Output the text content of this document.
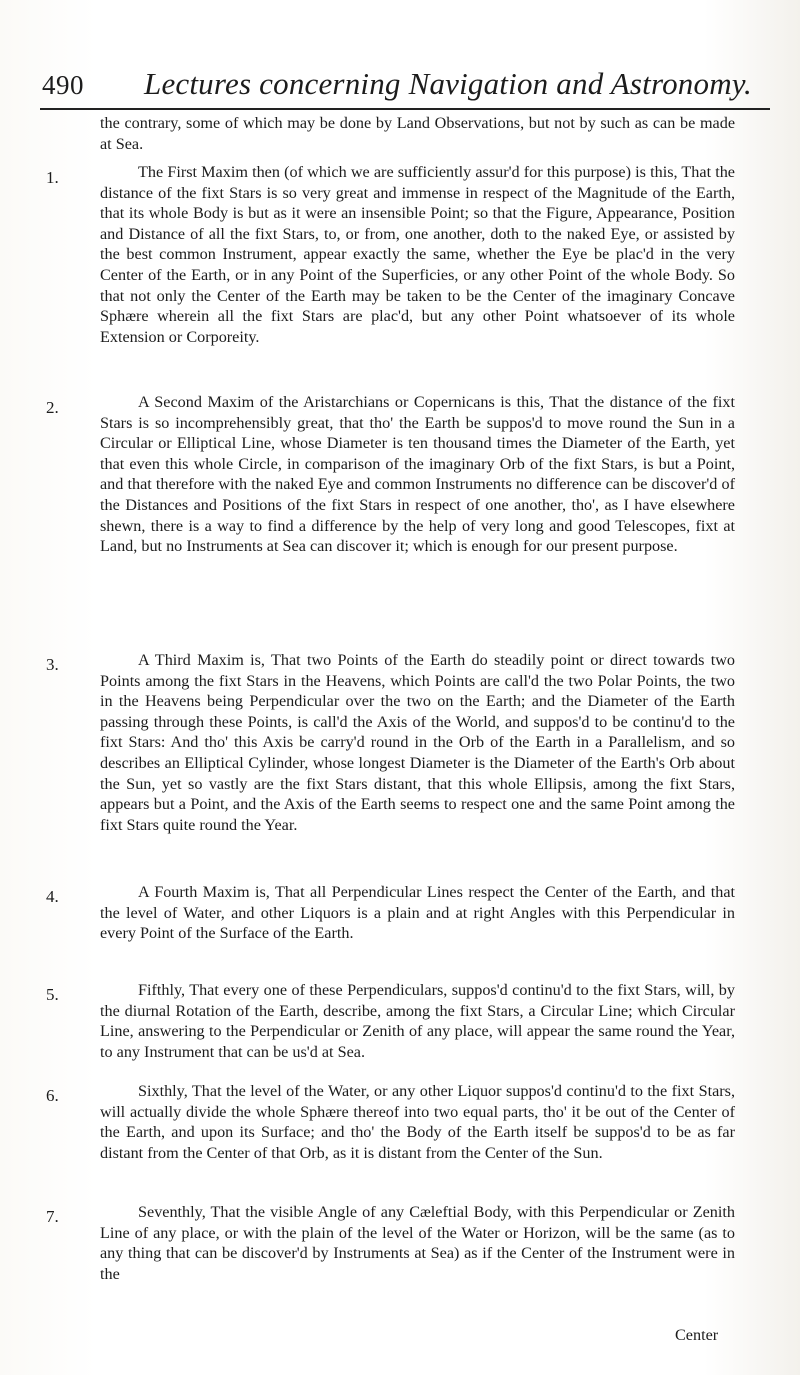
490 Lectures concerning Navigation and Astronomy.
the contrary, some of which may be done by Land Observations, but not by such as can be made at Sea.
1.	The First Maxim then (of which we are sufficiently assur'd for this purpose) is this, That the distance of the fixt Stars is so very great and immense in respect of the Magnitude of the Earth, that its whole Body is but as it were an insensible Point; so that the Figure, Appearance, Position and Distance of all the fixt Stars, to, or from, one another, doth to the naked Eye, or assisted by the best common Instrument, appear exactly the same, whether the Eye be plac'd in the very Center of the Earth, or in any Point of the Superficies, or any other Point of the whole Body. So that not only the Center of the Earth may be taken to be the Center of the imaginary Concave Sphære wherein all the fixt Stars are plac'd, but any other Point whatsoever of its whole Extension or Corporeity.
2.	A Second Maxim of the Aristarchians or Copernicans is this, That the distance of the fixt Stars is so incomprehensibly great, that tho' the Earth be suppos'd to move round the Sun in a Circular or Elliptical Line, whose Diameter is ten thousand times the Diameter of the Earth, yet that even this whole Circle, in comparison of the imaginary Orb of the fixt Stars, is but a Point, and that therefore with the naked Eye and common Instruments no difference can be discover'd of the Distances and Positions of the fixt Stars in respect of one another, tho', as I have elsewhere shewn, there is a way to find a difference by the help of very long and good Telescopes, fixt at Land, but no Instruments at Sea can discover it; which is enough for our present purpose.
3.	A Third Maxim is, That two Points of the Earth do steadily point or direct towards two Points among the fixt Stars in the Heavens, which Points are call'd the two Polar Points, the two in the Heavens being Perpendicular over the two on the Earth; and the Diameter of the Earth passing through these Points, is call'd the Axis of the World, and suppos'd to be continu'd to the fixt Stars: And tho' this Axis be carry'd round in the Orb of the Earth in a Parallelism, and so describes an Elliptical Cylinder, whose longest Diameter is the Diameter of the Earth's Orb about the Sun, yet so vastly are the fixt Stars distant, that this whole Ellipsis, among the fixt Stars, appears but a Point, and the Axis of the Earth seems to respect one and the same Point among the fixt Stars quite round the Year.
4.	A Fourth Maxim is, That all Perpendicular Lines respect the Center of the Earth, and that the level of Water, and other Liquors is a plain and at right Angles with this Perpendicular in every Point of the Surface of the Earth.
5.	Fifthly, That every one of these Perpendiculars, suppos'd continu'd to the fixt Stars, will, by the diurnal Rotation of the Earth, describe, among the fixt Stars, a Circular Line; which Circular Line, answering to the Perpendicular or Zenith of any place, will appear the same round the Year, to any Instrument that can be us'd at Sea.
6.	Sixthly, That the level of the Water, or any other Liquor suppos'd continu'd to the fixt Stars, will actually divide the whole Sphære thereof into two equal parts, tho' it be out of the Center of the Earth, and upon its Surface; and tho' the Body of the Earth itself be suppos'd to be as far distant from the Center of that Orb, as it is distant from the Center of the Sun.
7.	Seventhly, That the visible Angle of any Cæleftial Body, with this Perpendicular or Zenith Line of any place, or with the plain of the level of the Water or Horizon, will be the same (as to any thing that can be discover'd by Instruments at Sea) as if the Center of the Instrument were in the
Center
